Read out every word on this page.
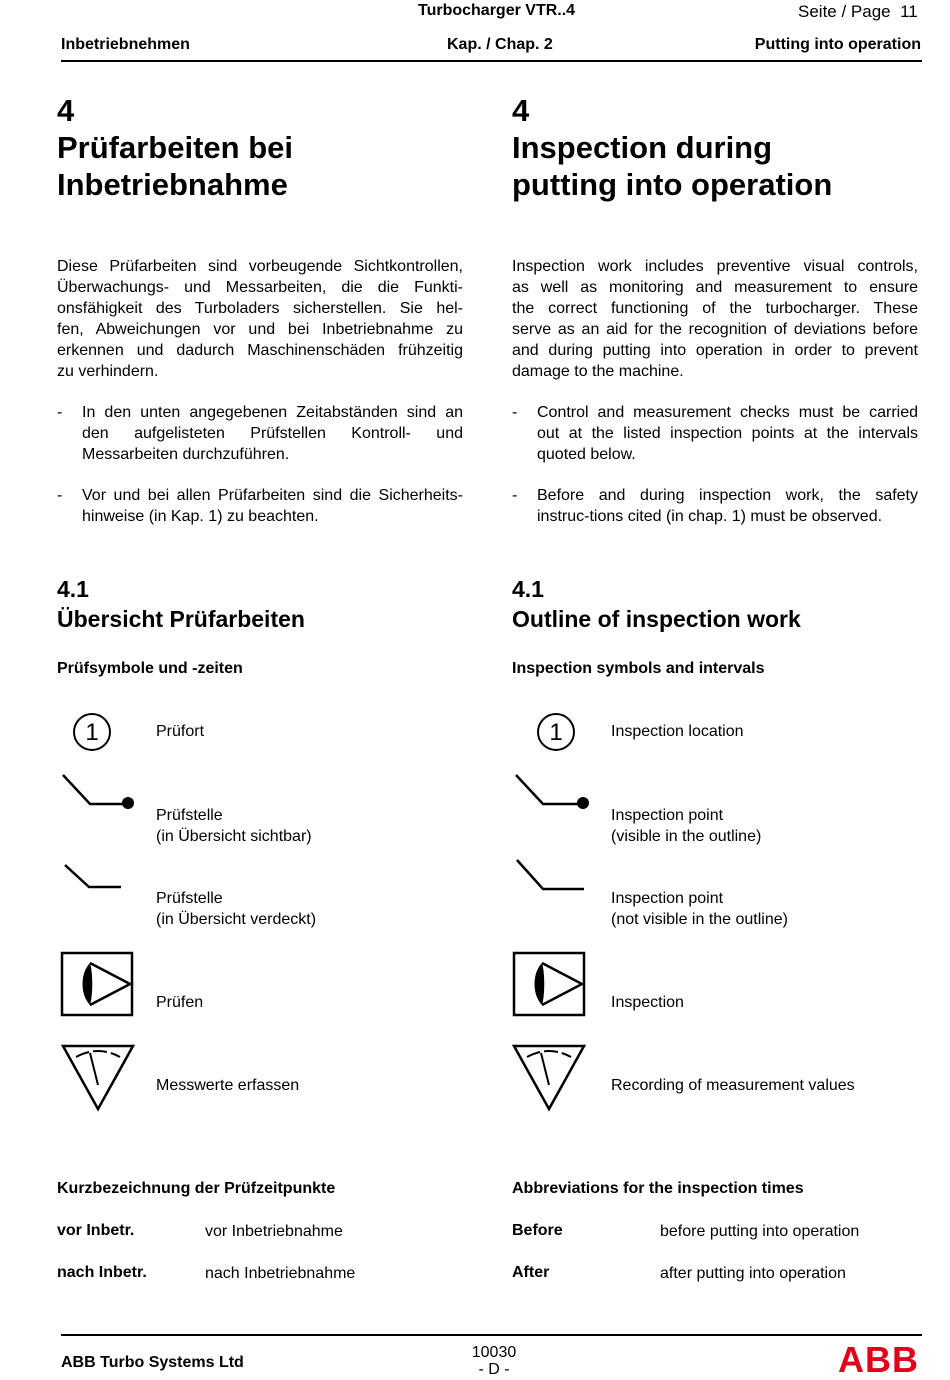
Turbocharger VTR..4	Seite / Page 11
Inbetriebnehmen	Kap. / Chap. 2	Putting into operation
4
Prüfarbeiten bei
Inbetriebnahme
Diese Prüfarbeiten sind vorbeugende Sichtkontrollen,
Überwachungs- und Messarbeiten, die die Funkti-
onsfähigkeit des Turboladers sicherstellen. Sie hel-
fen, Abweichungen vor und bei Inbetriebnahme zu
erkennen und dadurch Maschinenschäden frühzeitig
zu verhindern.
- In den unten angegebenen Zeitabständen sind an
den aufgelisteten Prüfstellen Kontroll- und
Messarbeiten durchzuführen.
- Vor und bei allen Prüfarbeiten sind die Sicherheits-
hinweise (in Kap. 1) zu beachten.
4.1
Übersicht Prüfarbeiten
Prüfsymbole und -zeiten
1	Prüfort
Prüfstelle
(in Übersicht sichtbar)
Prüfstelle
(in Übersicht verdeckt)
Prüfen
Messwerte erfassen
Kurzbezeichnung der Prüfzeitpunkte
vor Inbetr.	vor Inbetriebnahme
nach Inbetr.	nach Inbetriebnahme
4
Inspection during
putting into operation
Inspection work includes preventive visual controls,
as well as monitoring and measurement to ensure
the correct functioning of the turbocharger. These
serve as an aid for the recognition of deviations before
and during putting into operation in order to prevent
damage to the machine.
- Control and measurement checks must be carried
out at the listed inspection points at the intervals
quoted below.
- Before and during inspection work, the safety
instruc-tions cited (in chap. 1) must be observed.
4.1
Outline of inspection work
Inspection symbols and intervals
1	Inspection location
Inspection point
(visible in the outline)
Inspection point
(not visible in the outline)
Inspection
Recording of measurement values
Abbreviations for the inspection times
Before	before putting into operation
After	after putting into operation
ABB Turbo Systems Ltd
10030
- D -	ABB
